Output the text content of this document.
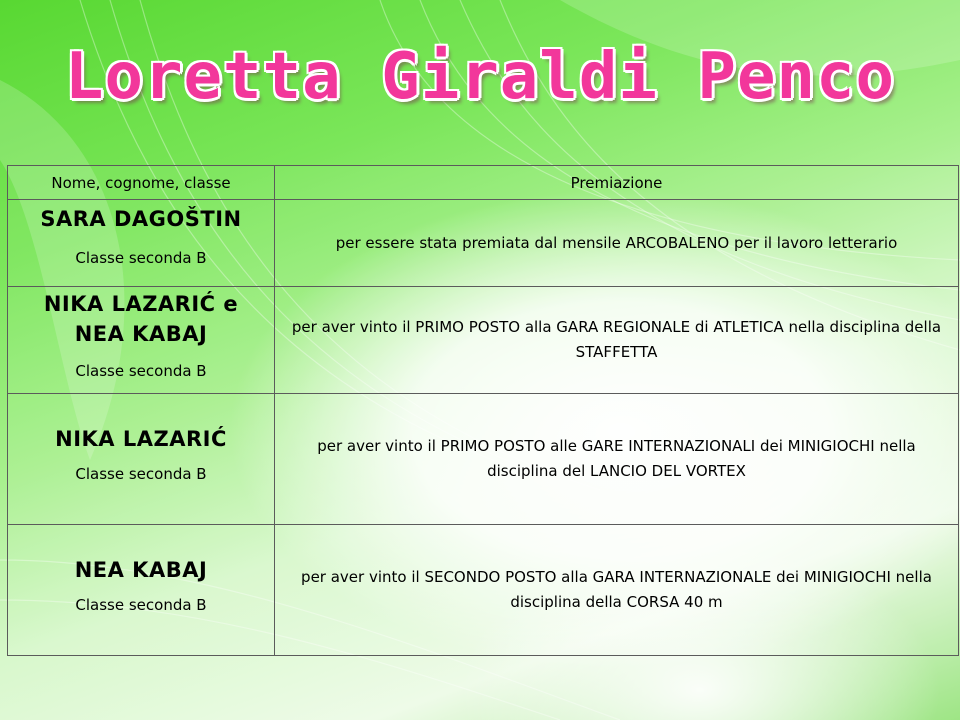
Loretta Giraldi Penco
Nome, cognome, classe	Premiazione

SARA DAGOŠTIN
Classe seconda B	per essere stata premiata dal mensile ARCOBALENO per il lavoro letterario

NIKA LAZARIĆ e NEA KABAJ
Classe seconda B	per aver vinto il PRIMO POSTO alla GARA REGIONALE di ATLETICA nella disciplina della STAFFETTA

NIKA LAZARIĆ
Classe seconda B	per aver vinto il PRIMO POSTO alle GARE INTERNAZIONALI dei MINIGIOCHI nella disciplina del LANCIO DEL VORTEX

NEA KABAJ
Classe seconda B	per aver vinto il SECONDO POSTO alla GARA INTERNAZIONALE dei MINIGIOCHI nella disciplina della CORSA 40 m
